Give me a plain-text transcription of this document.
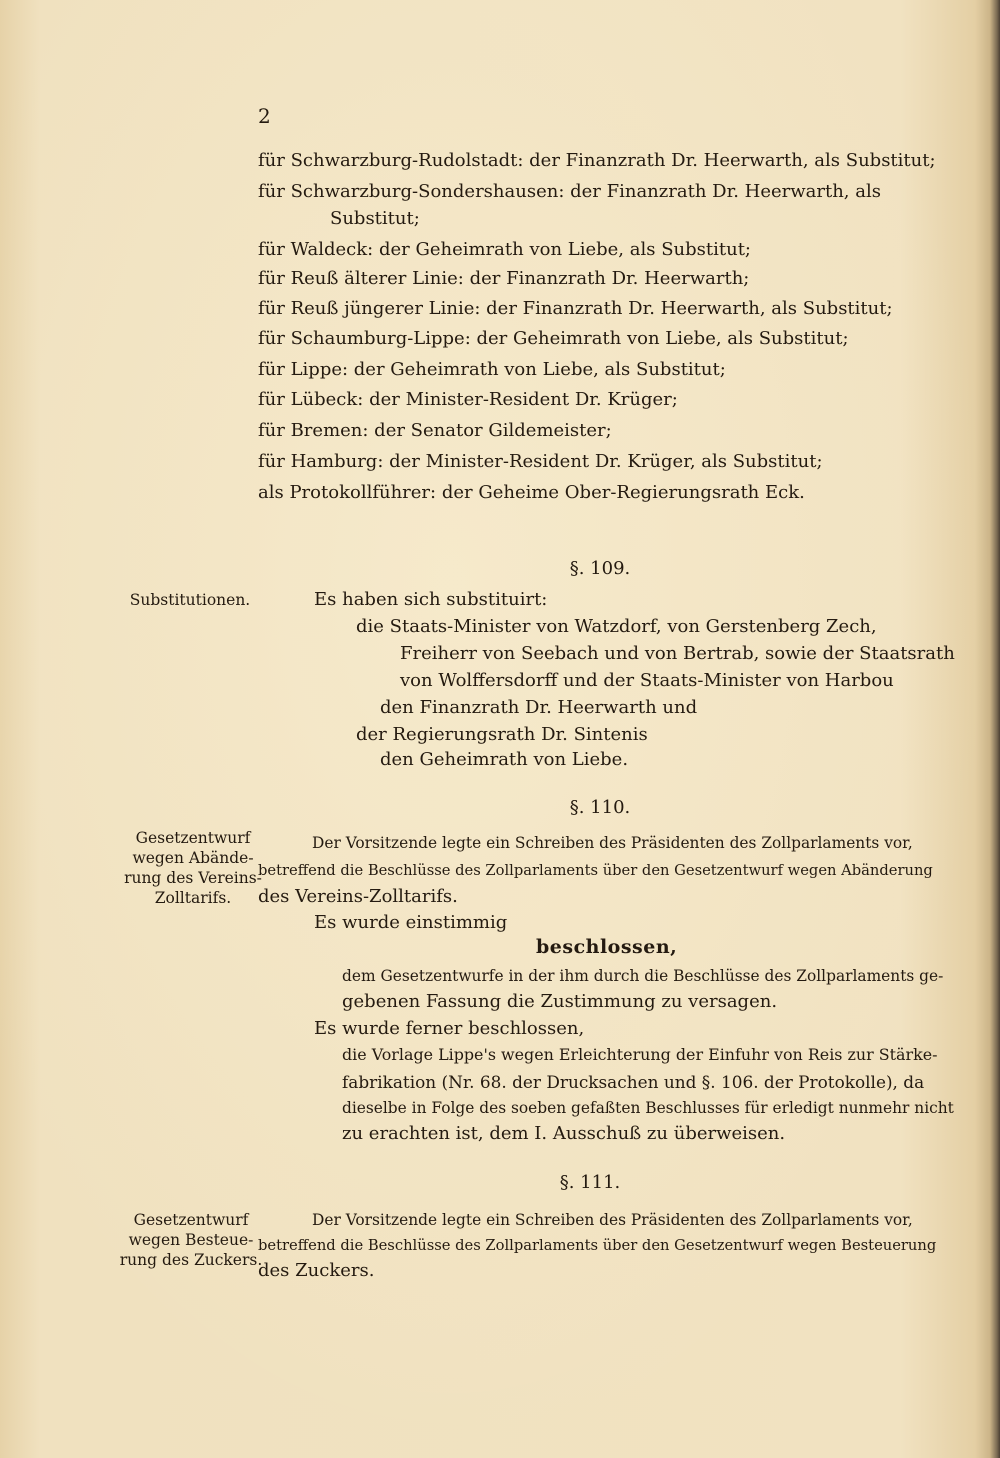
2
für Schwarzburg-Rudolstadt: der Finanzrath Dr. Heerwarth, als Substitut;
für Schwarzburg-Sondershausen: der Finanzrath Dr. Heerwarth, als
Substitut;
für Waldeck: der Geheimrath von Liebe, als Substitut;
für Reuß älterer Linie: der Finanzrath Dr. Heerwarth;
für Reuß jüngerer Linie: der Finanzrath Dr. Heerwarth, als Substitut;
für Schaumburg-Lippe: der Geheimrath von Liebe, als Substitut;
für Lippe: der Geheimrath von Liebe, als Substitut;
für Lübeck: der Minister-Resident Dr. Krüger;
für Bremen: der Senator Gildemeister;
für Hamburg: der Minister-Resident Dr. Krüger, als Substitut;
als Protokollführer: der Geheime Ober-Regierungsrath Eck.
§. 109.
Substitutionen.	Es haben sich substituirt:
die Staats-Minister von Watzdorf, von Gerstenberg Zech,
Freiherr von Seebach und von Bertrab, sowie der Staatsrath
von Wolffersdorff und der Staats-Minister von Harbou
den Finanzrath Dr. Heerwarth und
der Regierungsrath Dr. Sintenis
den Geheimrath von Liebe.
§. 110.
Gesetzentwurf
wegen Abände-
rung des Vereins-
Zolltarifs.
Der Vorsitzende legte ein Schreiben des Präsidenten des Zollparlaments vor,
betreffend die Beschlüsse des Zollparlaments über den Gesetzentwurf wegen Abänderung
des Vereins-Zolltarifs.
Es wurde einstimmig
beschlossen,
dem Gesetzentwurfe in der ihm durch die Beschlüsse des Zollparlaments ge-
gebenen Fassung die Zustimmung zu versagen.
Es wurde ferner beschlossen,
die Vorlage Lippe's wegen Erleichterung der Einfuhr von Reis zur Stärke-
fabrikation (Nr. 68. der Drucksachen und §. 106. der Protokolle), da
dieselbe in Folge des soeben gefaßten Beschlusses für erledigt nunmehr nicht
zu erachten ist, dem I. Ausschuß zu überweisen.
§. 111.
Gesetzentwurf
wegen Besteue-
rung des Zuckers.
Der Vorsitzende legte ein Schreiben des Präsidenten des Zollparlaments vor,
betreffend die Beschlüsse des Zollparlaments über den Gesetzentwurf wegen Besteuerung
des Zuckers.
